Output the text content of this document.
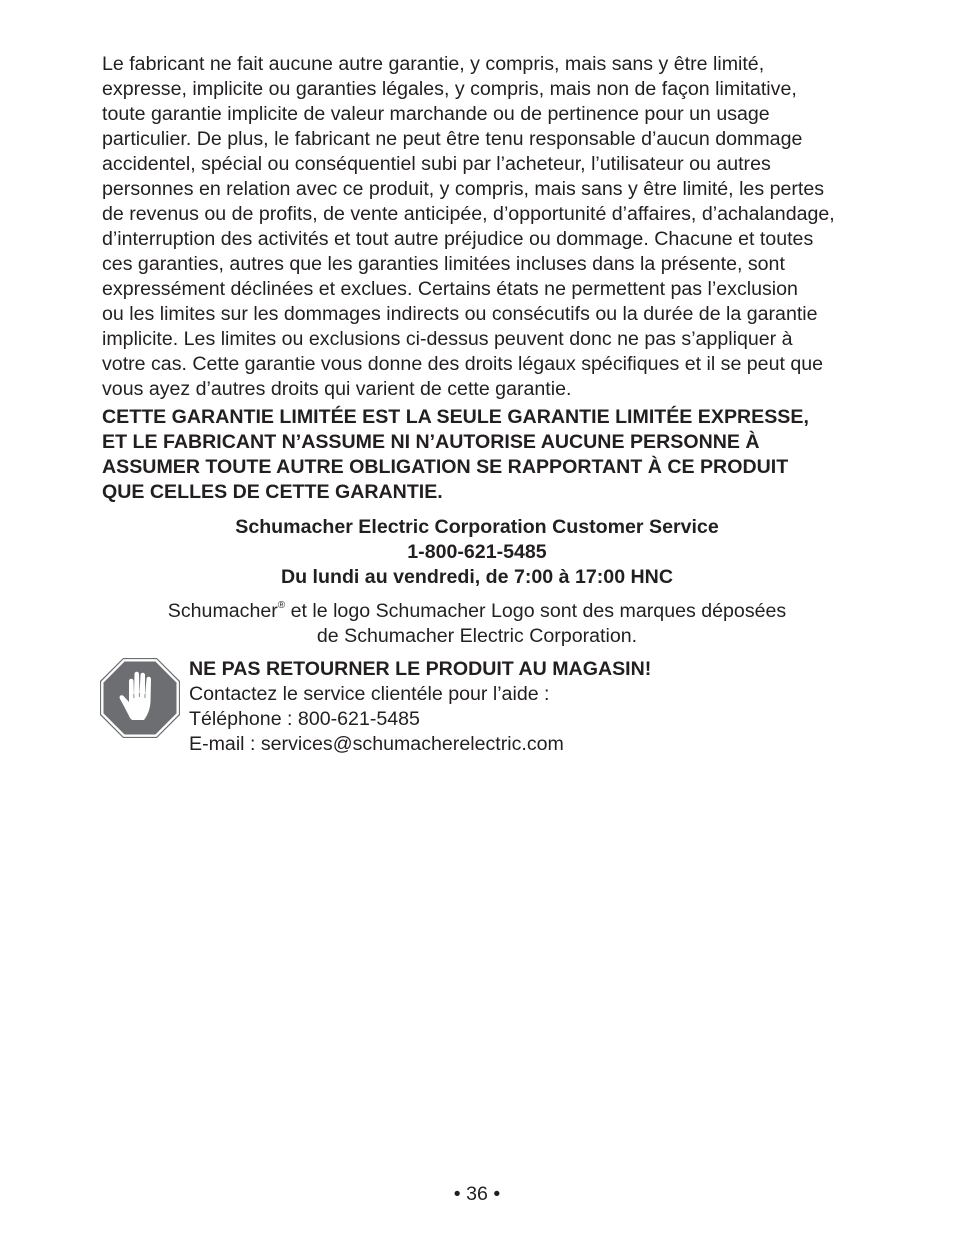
Le fabricant ne fait aucune autre garantie, y compris, mais sans y être limité,
expresse, implicite ou garanties légales, y compris, mais non de façon limitative,
toute garantie implicite de valeur marchande ou de pertinence pour un usage
particulier. De plus, le fabricant ne peut être tenu responsable d’aucun dommage
accidentel, spécial ou conséquentiel subi par l’acheteur, l’utilisateur ou autres
personnes en relation avec ce produit, y compris, mais sans y être limité, les pertes
de revenus ou de profits, de vente anticipée, d’opportunité d’affaires, d’achalandage,
d’interruption des activités et tout autre préjudice ou dommage. Chacune et toutes
ces garanties, autres que les garanties limitées incluses dans la présente, sont
expressément déclinées et exclues. Certains états ne permettent pas l’exclusion
ou les limites sur les dommages indirects ou consécutifs ou la durée de la garantie
implicite. Les limites ou exclusions ci-dessus peuvent donc ne pas s’appliquer à
votre cas. Cette garantie vous donne des droits légaux spécifiques et il se peut que
vous ayez d’autres droits qui varient de cette garantie.
CETTE GARANTIE LIMITÉE EST LA SEULE GARANTIE LIMITÉE EXPRESSE,
ET LE FABRICANT N’ASSUME NI N’AUTORISE AUCUNE PERSONNE À
ASSUMER TOUTE AUTRE OBLIGATION SE RAPPORTANT À CE PRODUIT
QUE CELLES DE CETTE GARANTIE.
Schumacher Electric Corporation Customer Service
1-800-621-5485
Du lundi au vendredi, de 7:00 à 17:00 HNC
Schumacher® et le logo Schumacher Logo sont des marques déposées
de Schumacher Electric Corporation.
NE PAS RETOURNER LE PRODUIT AU MAGASIN!
Contactez le service clientéle pour l’aide :
Téléphone : 800-621-5485
E-mail : services@schumacherelectric.com
• 36 •
